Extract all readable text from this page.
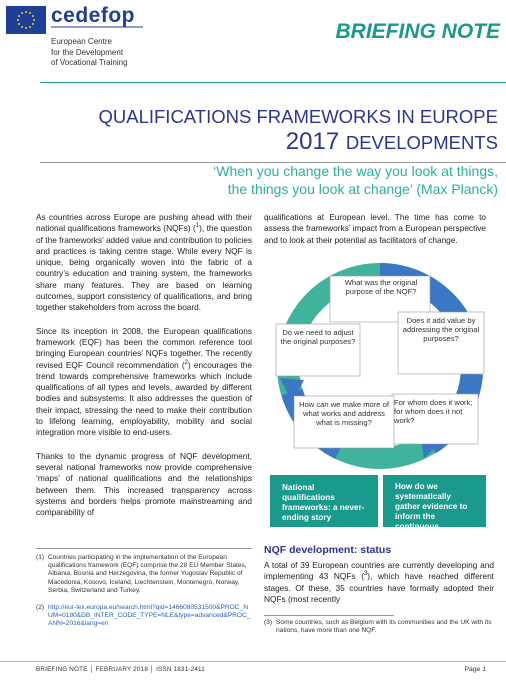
cedefop
European Centre
for the Development
of Vocational Training
BRIEFING NOTE
QUALIFICATIONS FRAMEWORKS IN EUROPE
2017 DEVELOPMENTS
‘When you change the way you look at things,
the things you look at change’ (Max Planck)

As countries across Europe are pushing ahead with their national qualifications frameworks (NQFs) ($^1$), the question of the frameworks’ added value and contribution to policies and practices is taking centre stage. While every NQF is unique, being organically woven into the fabric of a country’s education and training system, the frameworks share many features. They are based on learning outcomes, support consistency of qualifications, and bring together stakeholders from across the board.

Since its inception in 2008, the European qualifications framework (EQF) has been the common reference tool bringing European countries’ NQFs together. The recently revised EQF Council recommendation ($^2$) encourages the trend towards comprehensive frameworks which include qualifications of all types and levels, awarded by different bodies and subsystems. It also addresses the question of their impact, stressing the need to make their contribution to lifelong learning, employability, mobility and social integration more visible to end-users.

Thanks to the dynamic progress of NQF development, several national frameworks now provide comprehensive ‘maps’ of national qualifications and the relationships between them. This increased transparency across systems and borders helps promote mainstreaming and comparability of

qualifications at European level. The time has come to assess the frameworks’ impact from a European perspective and to look at their potential as facilitators of change.

What was the original purpose of the NQF?
Does it add value by addressing the original purposes?
For whom does it work; for whom does it not work?
How can we make more of what works and address what is missing?
Do we need to adjust the original purposes?
National qualifications frameworks: a never-ending story
How do we systematically gather evidence to inform the continuous development of NQFs?
(1) Countries participating in the implementation of the European qualifications framework (EQF) comprise the 28 EU Member States, Albania, Bosnia and Herzegovina, the former Yugoslav Republic of Macedonia, Kosovo, Iceland, Liechtenstein, Montenegro, Norway, Serbia, Switzerland and Turkey.
(2) http://eur-lex.europa.eu/search.html?qid=1466080531500&PROC_NUM=0180&DB_INTER_CODE_TYPE=NLE&type=advanced&PROC_ANN=2016&lang=en
NQF development: status
A total of 39 European countries are currently developing and implementing 43 NQFs ($^3$), which have reached different stages. Of these, 35 countries have formally adopted their NQFs (most recently
(3) Some countries, such as Belgium with its communities and the UK with its nations, have more than one NQF.
BRIEFING NOTE │ FEBRUARY 2018 │ ISSN 1831-2411	Page 1
